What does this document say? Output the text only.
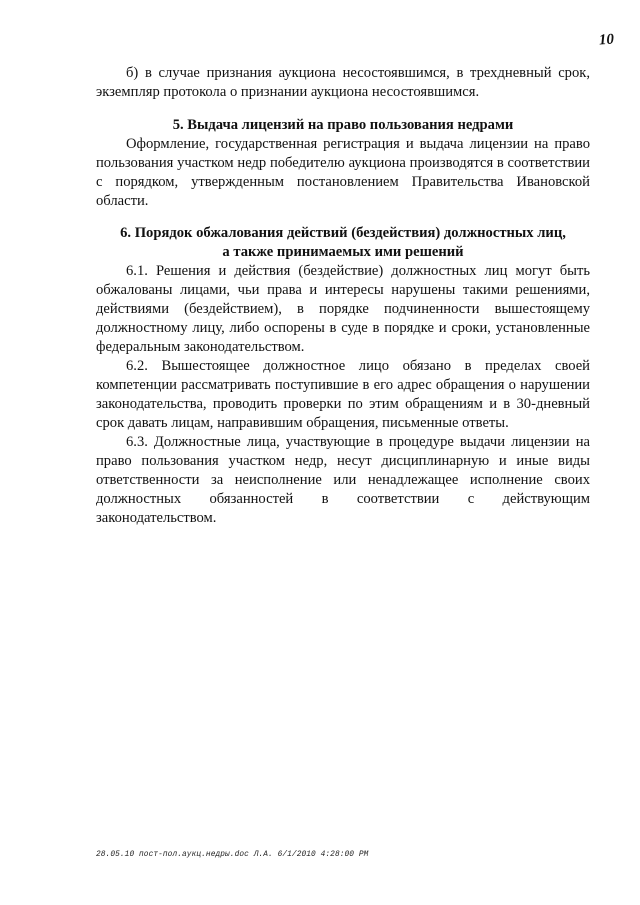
10

б) в случае признания аукциона несостоявшимся, в трехдневный срок, экземпляр протокола о признании аукциона несостоявшимся.

5. Выдача лицензий на право пользования недрами

Оформление, государственная регистрация и выдача лицензии на право пользования участком недр победителю аукциона производятся в соответствии с порядком, утвержденным постановлением Правительства Ивановской области.

6. Порядок обжалования действий (бездействия) должностных лиц,

а также принимаемых ими решений

6.1. Решения и действия (бездействие) должностных лиц могут быть обжалованы лицами, чьи права и интересы нарушены такими решениями, действиями (бездействием), в порядке подчиненности вышестоящему должностному лицу, либо оспорены в суде в порядке и сроки, установленные федеральным законодательством.

6.2. Вышестоящее должностное лицо обязано в пределах своей компетенции рассматривать поступившие в его адрес обращения о нарушении законодательства, проводить проверки по этим обращениям и в 30-дневный срок давать лицам, направившим обращения, письменные ответы.

6.3. Должностные лица, участвующие в процедуре выдачи лицензии на право пользования участком недр, несут дисциплинарную и иные виды ответственности за неисполнение или ненадлежащее исполнение своих должностных обязанностей в соответствии с действующим законодательством.

28.05.10 пост-пол.аукц.недры.doc Л.А. 6/1/2010 4:28:00 PM
